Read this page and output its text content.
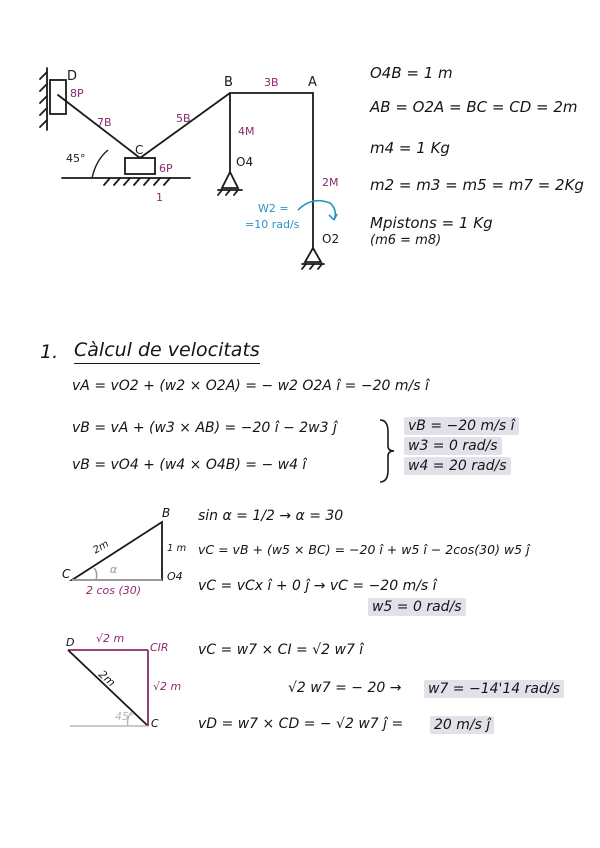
D	B	A
C
O4
O2
8P
7B	5B
3B
4M
2M
6P
1
45°
W2 =
=10 rad/s
O4B = 1 m
AB = O2A = BC = CD = 2m
m4 = 1 Kg
m2 = m3 = m5 = m7 = 2Kg
Mpistons = 1 Kg
(m6 = m8)
1. Càlcul de velocitats
vA = vO2 + (w2 × O2A) = − w2 O2A î = −20 m/s î
vB = vA + (w3 × AB) = −20 î − 2w3 ĵ
vB = vO4 + (w4 × O4B) = − w4 î
vB = −20 m/s î
w3 = 0 rad/s
w4 = 20 rad/s
B
C	O4
2m	1 m
2 cos (30)
α
sin α = 1/2 → α = 30
vC = vB + (w5 × BC) = −20 î + w5 î − 2cos(30) w5 ĵ
vC = vCx î + 0 ĵ → vC = −20 m/s î
w5 = 0 rad/s
D	CIR
C
√2 m
√2 m
2m
45°
vC = w7 × CI = √2 w7 î
√2 w7 = − 20 → w7 = −14'14 rad/s
vD = w7 × CD = − √2 w7 ĵ = 20 m/s ĵ
